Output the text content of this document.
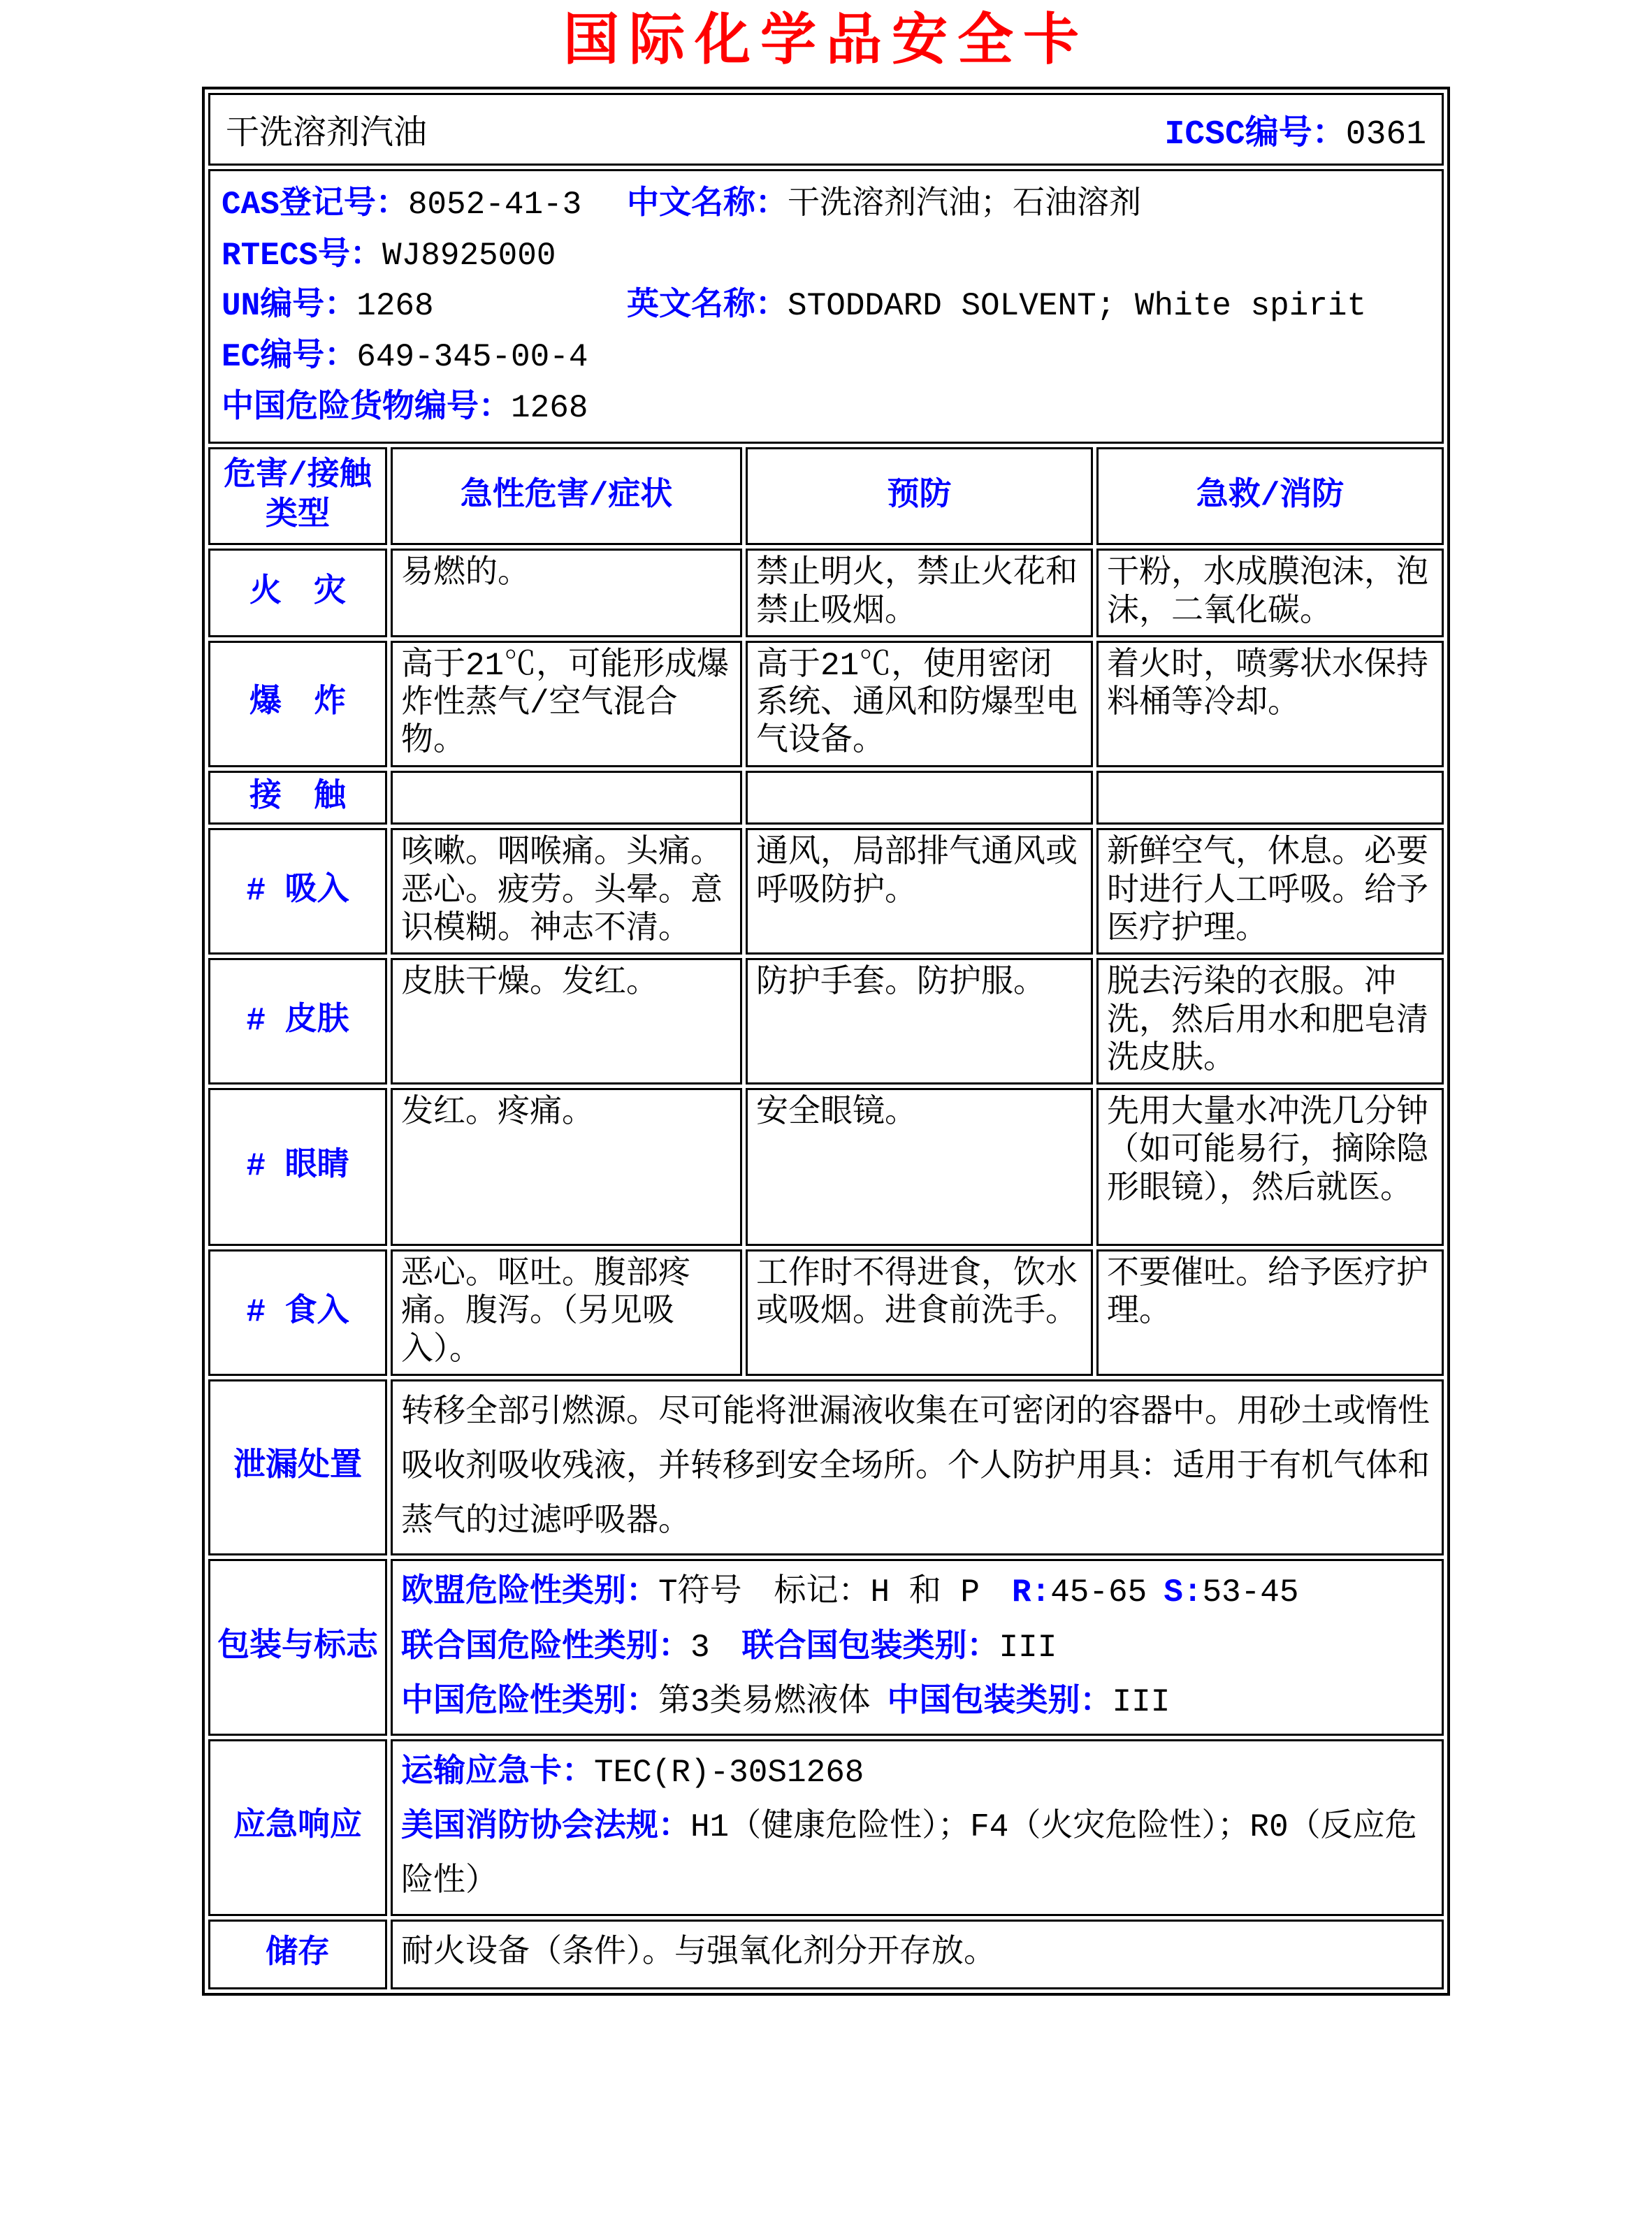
国际化学品安全卡
干洗溶剂汽油 ICSC编号：0361			

CAS登记号：8052-41-3
RTECS号：WJ8925000
UN编号：1268
EC编号：649-345-00-4
中国危险货物编号：1268
中文名称：干洗溶剂汽油；石油溶剂
英文名称：STODDARD SOLVENT; White spirit

危害/接触类型	急性危害/症状	预防	急救/消防
火　灾	易燃的。	禁止明火，禁止火花和禁止吸烟。	干粉，水成膜泡沫，泡沫，二氧化碳。
爆　炸	高于21℃，可能形成爆炸性蒸气/空气混合物。	高于21℃，使用密闭系统、通风和防爆型电气设备。	着火时，喷雾状水保持料桶等冷却。
接　触			
# 吸入	咳嗽。咽喉痛。头痛。恶心。疲劳。头晕。意识模糊。神志不清。	通风，局部排气通风或呼吸防护。	新鲜空气，休息。必要时进行人工呼吸。给予医疗护理。
# 皮肤	皮肤干燥。发红。	防护手套。防护服。	脱去污染的衣服。冲洗，然后用水和肥皂清洗皮肤。
# 眼睛	发红。疼痛。	安全眼镜。	先用大量水冲洗几分钟（如可能易行，摘除隐形眼镜），然后就医。
# 食入	恶心。呕吐。腹部疼痛。腹泻。（另见吸入）。	工作时不得进食，饮水或吸烟。进食前洗手。	不要催吐。给予医疗护理。
泄漏处置	转移全部引燃源。尽可能将泄漏液收集在可密闭的容器中。用砂土或惰性吸收剂吸收残液，并转移到安全场所。个人防护用具：适用于有机气体和蒸气的过滤呼吸器。		
包装与标志	欧盟危险性类别：T符号 标记：H 和 P R:45-65 S:53-45
联合国危险性类别：3 联合国包装类别：III
中国危险性类别：第3类易燃液体 中国包装类别：III		

应急响应	运输应急卡：TEC(R)-30S1268
美国消防协会法规：H1（健康危险性）；F4（火灾危险性）；R0（反应危险性）		

储存	耐火设备（条件）。与强氧化剂分开存放。		
